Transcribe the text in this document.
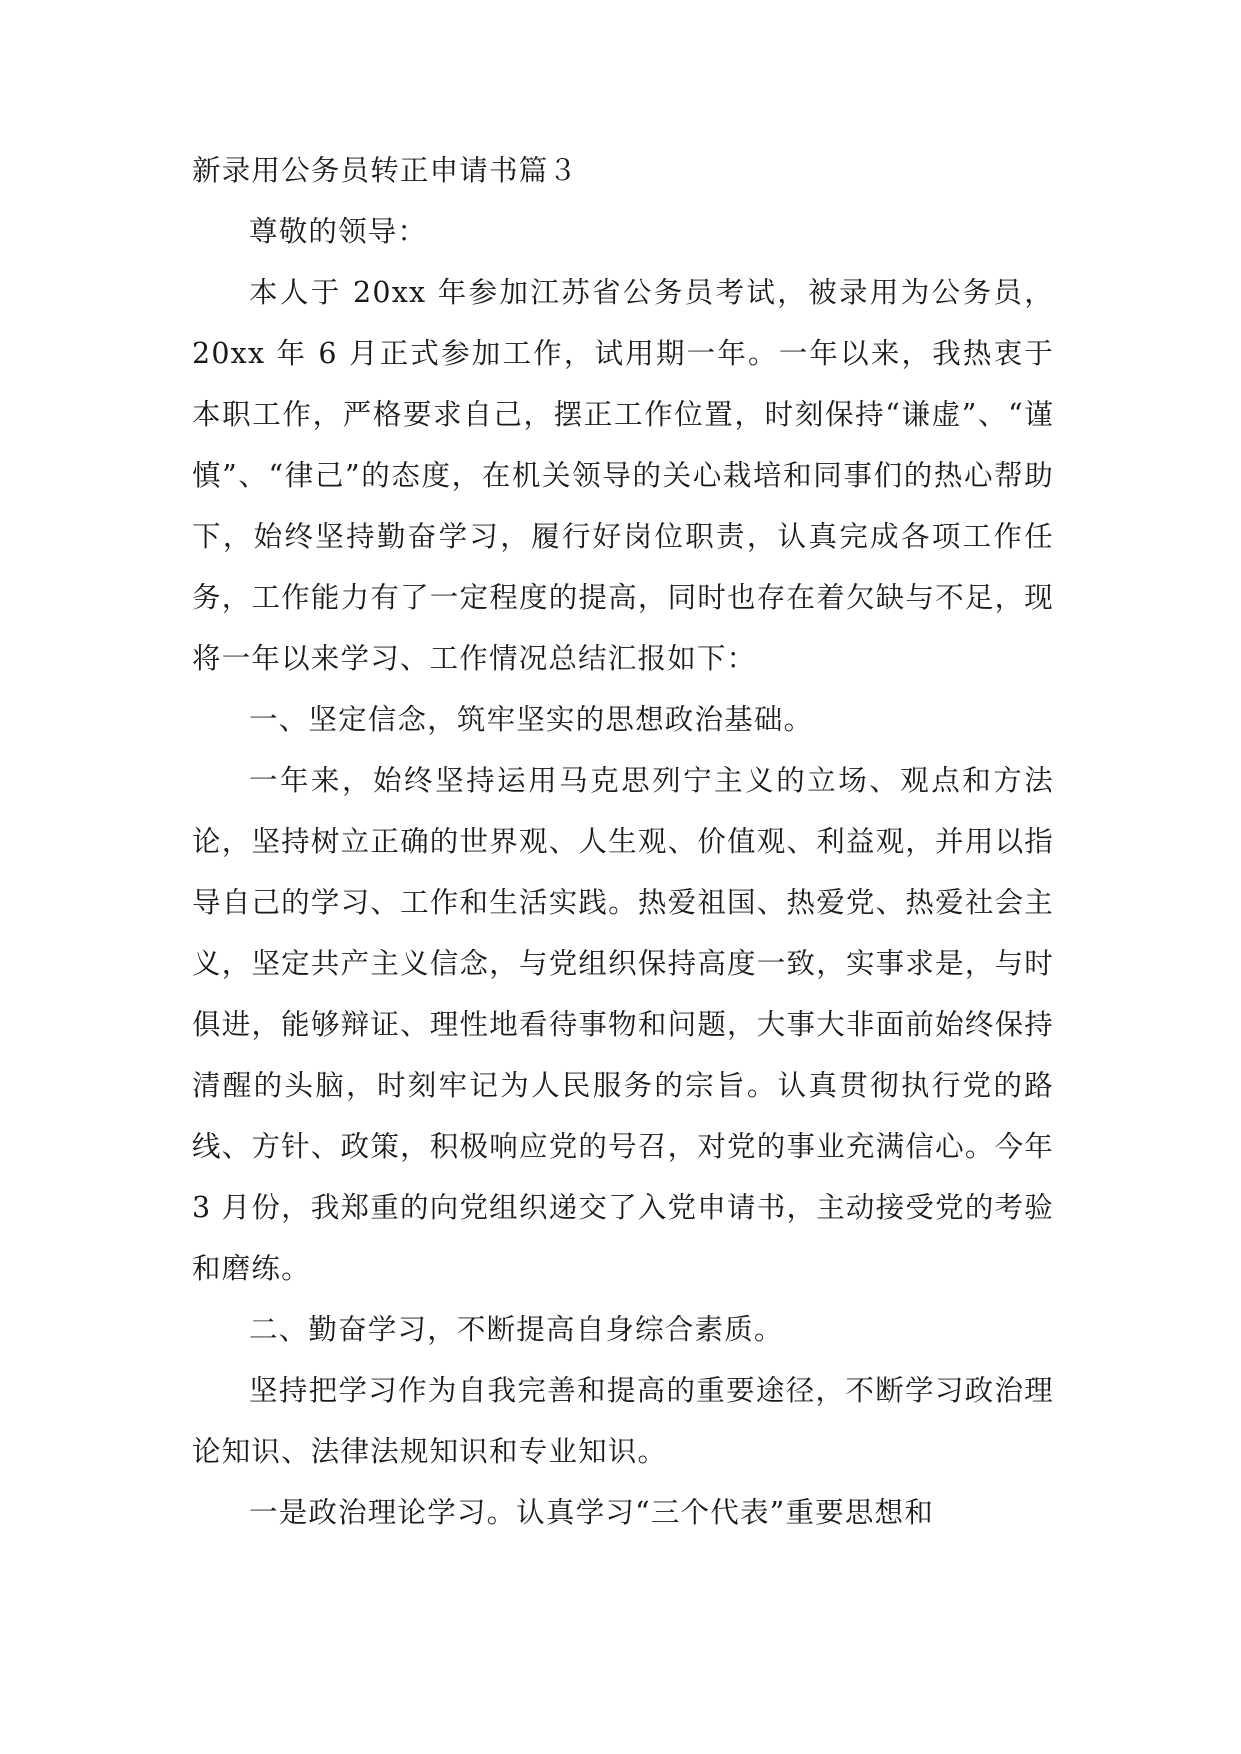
新录用公务员转正申请书篇３

尊敬的领导：

本人于 20xx 年参加江苏省公务员考试，被录用为公务员，20xx 年 6 月正式参加工作，试用期一年。一年以来，我热衷于本职工作，严格要求自己，摆正工作位置，时刻保持“谦虚”、“谨慎”、“律己”的态度，在机关领导的关心栽培和同事们的热心帮助下，始终坚持勤奋学习，履行好岗位职责，认真完成各项工作任务，工作能力有了一定程度的提高，同时也存在着欠缺与不足，现将一年以来学习、工作情况总结汇报如下：

一、坚定信念，筑牢坚实的思想政治基础。

一年来，始终坚持运用马克思列宁主义的立场、观点和方法论，坚持树立正确的世界观、人生观、价值观、利益观，并用以指导自己的学习、工作和生活实践。热爱祖国、热爱党、热爱社会主义，坚定共产主义信念，与党组织保持高度一致，实事求是，与时俱进，能够辩证、理性地看待事物和问题，大事大非面前始终保持清醒的头脑，时刻牢记为人民服务的宗旨。认真贯彻执行党的路线、方针、政策，积极响应党的号召，对党的事业充满信心。今年 3 月份，我郑重的向党组织递交了入党申请书，主动接受党的考验和磨练。

二、勤奋学习，不断提高自身综合素质。

坚持把学习作为自我完善和提高的重要途径，不断学习政治理论知识、法律法规知识和专业知识。

一是政治理论学习。认真学习“三个代表”重要思想和
